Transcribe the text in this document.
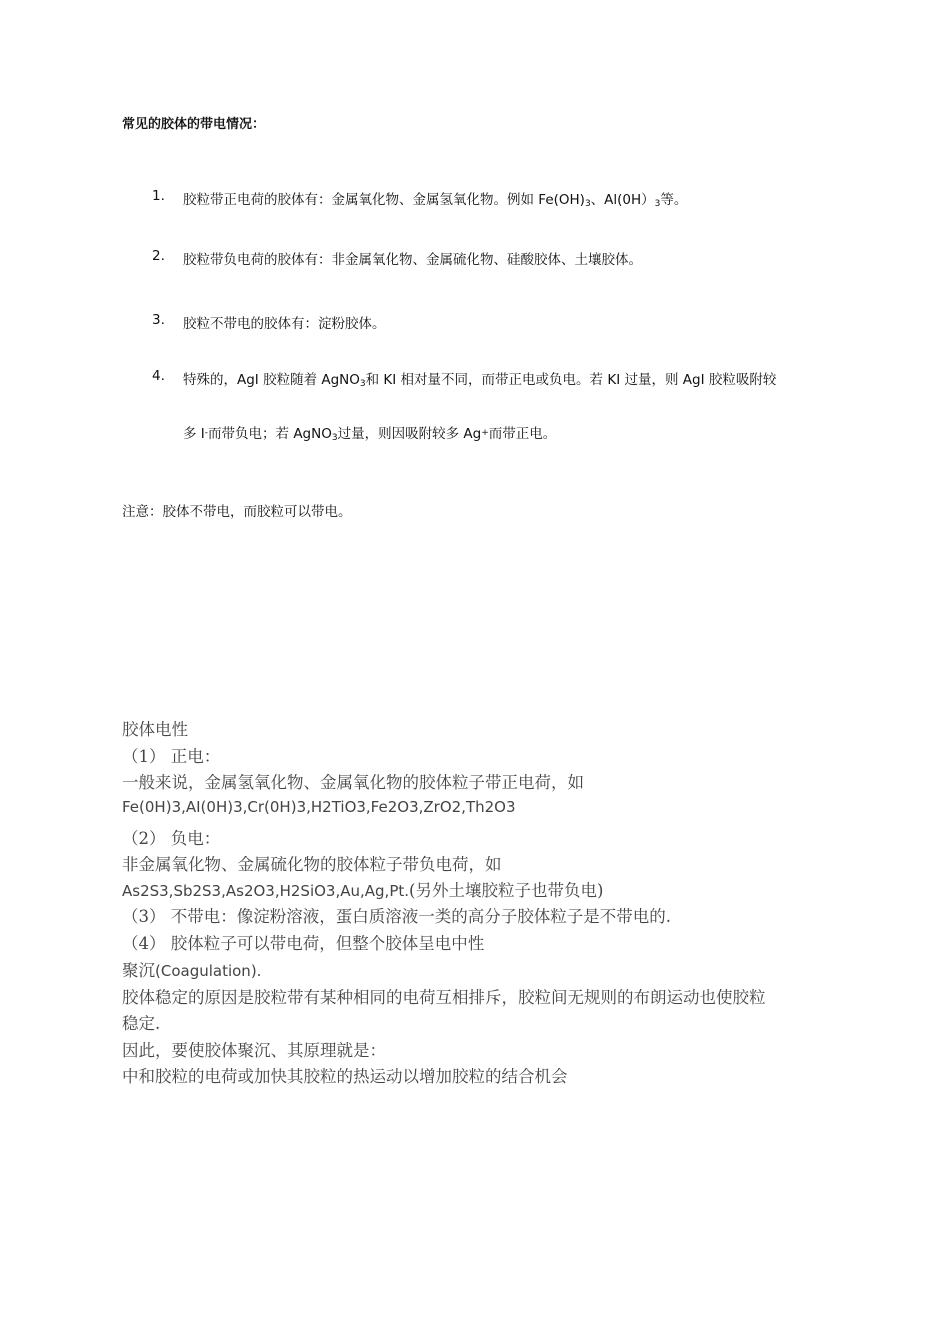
常见的胶体的带电情况：
1. 胶粒带正电荷的胶体有：金属氧化物、金属氢氧化物。例如 $Fe(OH)_3$、$Al(0H)_3$等。
2. 胶粒带负电荷的胶体有：非金属氧化物、金属硫化物、硅酸胶体、土壤胶体。
3. 胶粒不带电的胶体有：淀粉胶体。
4. 特殊的，AgI 胶粒随着 AgNO$_3$和 KI 相对量不同，而带正电或负电。若 KI 过量，则 AgI 胶粒吸附较
多 I-而带负电；若 AgNO$_3$过量，则因吸附较多 Ag+而带正电。
注意：胶体不带电，而胶粒可以带电。
胶体电性
（1） 正电：
一般来说，金属氢氧化物、金属氧化物的胶体粒子带正电荷，如
Fe(0H)3,AI(0H)3,Cr(0H)3,H2TiO3,Fe2O3,ZrO2,Th2O3
（2） 负电：
非金属氧化物、金属硫化物的胶体粒子带负电荷，如
As2S3,Sb2S3,As2O3,H2SiO3,Au,Ag,Pt.(另外土壤胶粒子也带负电)
（3） 不带电：像淀粉溶液，蛋白质溶液一类的高分子胶体粒子是不带电的.
（4） 胶体粒子可以带电荷，但整个胶体呈电中性
聚沉(Coagulation).
胶体稳定的原因是胶粒带有某种相同的电荷互相排斥，胶粒间无规则的布朗运动也使胶粒
稳定.
因此，要使胶体聚沉、其原理就是：
中和胶粒的电荷或加快其胶粒的热运动以增加胶粒的结合机会
